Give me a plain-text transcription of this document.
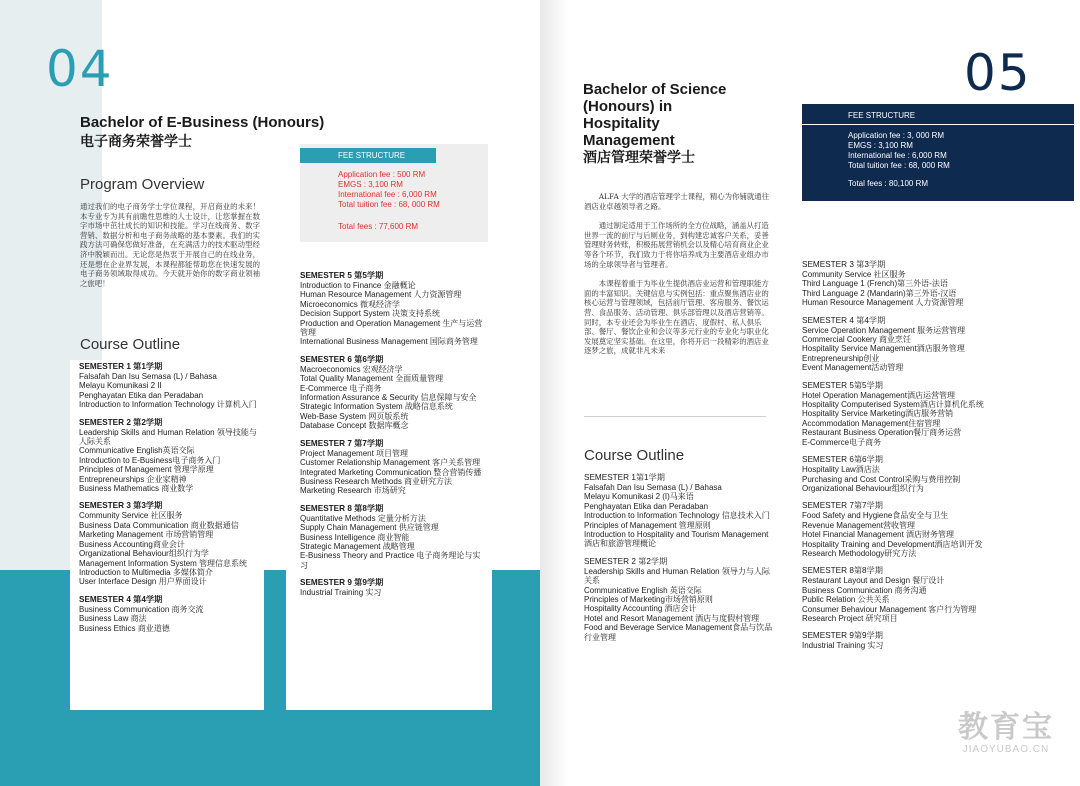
04
Bachelor of E-Business (Honours)
电子商务荣誉学士
FEE STRUCTURE
Application fee : 500 RM
EMGS : 3,100 RM
International fee : 6,000 RM
Total tuition fee : 68, 000 RM
Total fees : 77,600 RM
Program Overview
通过我们的电子商务学士学位课程，开启商业的未来！本专业专为具有前瞻性思维的人士设计，让您掌握在数字市场中茁壮成长的知识和技能。学习在线商务、数字营销、数据分析和电子商务战略的基本要素。我们的实践方法可确保您做好准备，在充满活力的技术驱动型经济中脱颖而出。无论您是热衷于开展自己的在线业务，还是想在企业界发展，本课程都能帮助您在快速发展的电子商务领域取得成功。今天就开始你的数字商业领袖之旅吧！
Course Outline
SEMESTER 1 第1学期
Falsafah Dan Isu Semasa (L) / Bahasa
Melayu Komunikasi 2 II
Penghayatan Etika dan Peradaban
Introduction to Information Technology 计算机入门
SEMESTER 2 第2学期
Leadership Skills and Human Relation 领导技能与人际关系
Communicative English英语交际
Introduction to E-Business电子商务入门
Principles of Management 管理学原理
Entrepreneurships 企业家精神
Business Mathematics 商业数学
SEMESTER 3 第3学期
Community Service 社区服务
Business Data Communication 商业数据通信
Marketing Management 市场营销管理
Business Accounting商业会计
Organizational Behaviour组织行为学
Management Information System 管理信息系统
Introduction to Multimedia 多媒体简介
User Interface Design 用户界面设计
SEMESTER 4 第4学期
Business Communication 商务交流
Business Law 商法
Business Ethics 商业道德
SEMESTER 5 第5学期
Introduction to Finance 金融概论
Human Resource Management 人力资源管理
Microeconomics 微观经济学
Decision Support System 决策支持系统
Production and Operation Management 生产与运营管理
International Business Management 国际商务管理
SEMESTER 6 第6学期
Macroeconomics 宏观经济学
Total Quality Management 全面质量管理
E-Commerce 电子商务
Information Assurance & Security 信息保障与安全
Strategic Information System 战略信息系统
Web-Base System 网页版系统
Database Concept 数据库概念
SEMESTER 7 第7学期
Project Management 项目管理
Customer Relationship Management 客户关系管理
Integrated Marketing Communication 整合营销传播
Business Research Methods 商业研究方法
Marketing Research 市场研究
SEMESTER 8 第8学期
Quantitative Methods 定量分析方法
Supply Chain Management 供应链管理
Business Intelligence 商业智能
Strategic Management 战略管理
E-Business Theory and Practice 电子商务理论与实习
SEMESTER 9 第9学期
Industrial Training 实习
05
Bachelor of Science
(Honours) in
Hospitality
Management
酒店管理荣誉学士
FEE STRUCTURE
Application fee : 3, 000 RM
EMGS : 3,100 RM
International fee : 6,000 RM
Total tuition fee : 68, 000 RM
Total fees : 80,100 RM

ALFA 大学的酒店管理学士课程，精心为你铺就通往酒店业卓越领导者之路。

通过制定适用于工作场所的全方位战略，涵盖从打造世界一流的前厅与后厕业务，到构建忠诚客户关系，妥善管理财务转账，积极拓展营销机会以及精心培育商业企业等各个环节，我们致力于将你培养成为主要酒店业组办市场的全球领导者与管理者。

本课程着重于为毕业生提供酒店业运营和管理职能方面的丰富知识。关键信息与实例包括：重点聚焦酒店业的核心运营与管理领域，包括前厅管理、客房服务、餐饮运营、食品服务、活动管理、俱乐部管理以及酒店营销等。同时，本专业还会为毕业生在酒店、度假村、私人俱乐部、餐厅、餐饮企业和会议等多元行业的专业化与职业化发展奠定坚实基础。在这里，你将开启一段精彩的酒店业逐梦之旅，成就非凡未来

Course Outline
SEMESTER 1第1学期
Falsafah Dan Isu Semasa (L) / Bahasa
Melayu Komunikasi 2 (I)马来语
Penghayatan Etika dan Peradaban
Introduction to Information Technology 信息技术入门
Principles of Management 管理原则
Introduction to Hospitality and Tourism Management 酒店和旅游管理概论
SEMESTER 2 第2学期
Leadership Skills and Human Relation 领导力与人际关系
Communicative English 英语交际
Principles of Marketing市场营销原则
Hospitality Accounting 酒店会计
Hotel and Resort Management 酒店与度假村管理
Food and Beverage Service Management食品与饮品行业管理
SEMESTER 3 第3学期
Community Service 社区服务
Third Language 1 (French)第三外语-法语
Third Language 2 (Mandarin)第三外语-汉语
Human Resource Management 人力资源管理
SEMESTER 4 第4学期
Service Operation Management 服务运营管理
Commercial Cookery 商业烹饪
Hospitality Service Management酒店服务管理
Entrepreneurship创业
Event Management活动管理
SEMESTER 5第5学期
Hotel Operation Management酒店运营管理
Hospitality Computerised System酒店计算机化系统
Hospitality Service Marketing酒店服务营销
Accommodation Management住宿管理
Restaurant Business Operation餐厅商务运营
E-Commerce电子商务
SEMESTER 6第6学期
Hospitality Law酒店法
Purchasing and Cost Control采购与费用控制
Organizational Behaviour组织行为
SEMESTER 7第7学期
Food Safety and Hygiene食品安全与卫生
Revenue Management营收管理
Hotel Financial Management 酒店财务管理
Hospitality Training and Development酒店培训开发
Research Methodology研究方法
SEMESTER 8第8学期
Restaurant Layout and Design 餐厅设计
Business Communication 商务沟通
Public Relation 公共关系
Consumer Behaviour Management 客户行为管理
Research Project 研究项目
SEMESTER 9第9学期
Industrial Training 实习
教育宝
JIAOYUBAO.CN
